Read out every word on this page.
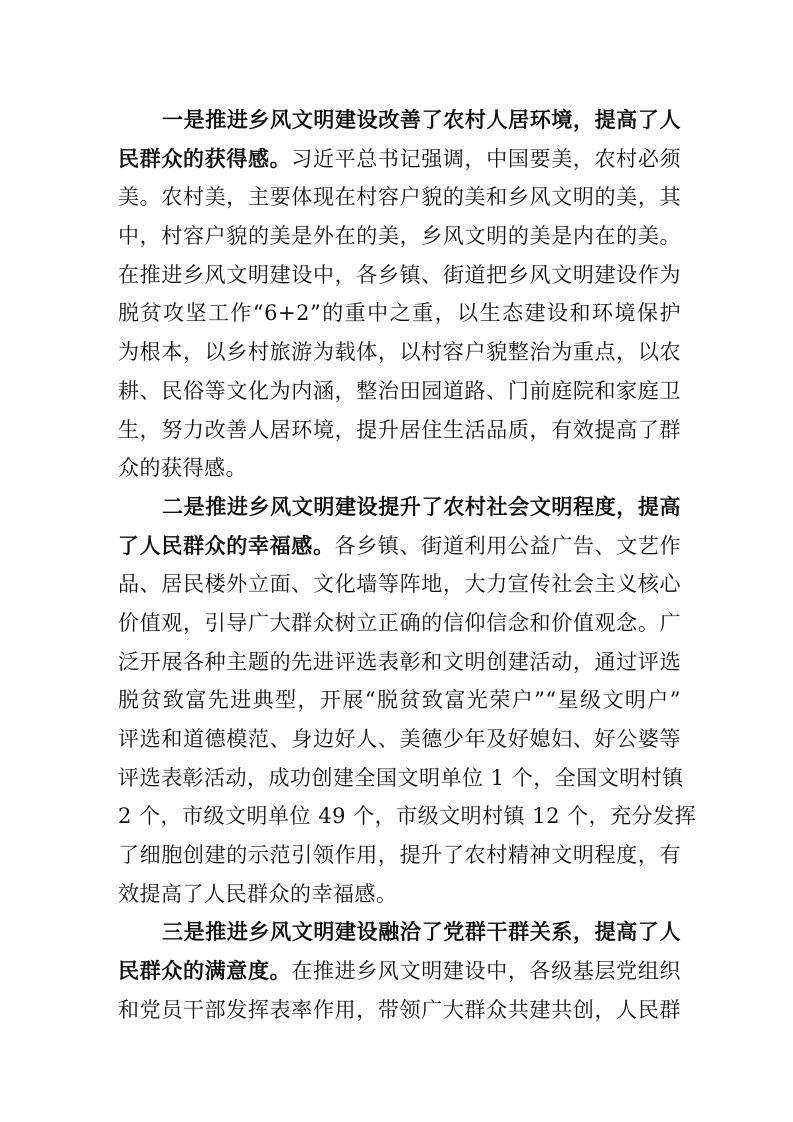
一是推进乡风文明建设改善了农村人居环境，提高了人
民群众的获得感。习近平总书记强调，中国要美，农村必须
美。农村美，主要体现在村容户貌的美和乡风文明的美，其
中，村容户貌的美是外在的美，乡风文明的美是内在的美。
在推进乡风文明建设中，各乡镇、街道把乡风文明建设作为
脱贫攻坚工作“6+2”的重中之重，以生态建设和环境保护
为根本，以乡村旅游为载体，以村容户貌整治为重点，以农
耕、民俗等文化为内涵，整治田园道路、门前庭院和家庭卫
生，努力改善人居环境，提升居住生活品质，有效提高了群
众的获得感。
二是推进乡风文明建设提升了农村社会文明程度，提高
了人民群众的幸福感。各乡镇、街道利用公益广告、文艺作
品、居民楼外立面、文化墙等阵地，大力宣传社会主义核心
价值观，引导广大群众树立正确的信仰信念和价值观念。广
泛开展各种主题的先进评选表彰和文明创建活动，通过评选
脱贫致富先进典型，开展“脱贫致富光荣户”“星级文明户”
评选和道德模范、身边好人、美德少年及好媳妇、好公婆等
评选表彰活动，成功创建全国文明单位 1 个，全国文明村镇
2 个，市级文明单位 49 个，市级文明村镇 12 个，充分发挥
了细胞创建的示范引领作用，提升了农村精神文明程度，有
效提高了人民群众的幸福感。
三是推进乡风文明建设融洽了党群干群关系，提高了人
民群众的满意度。在推进乡风文明建设中，各级基层党组织
和党员干部发挥表率作用，带领广大群众共建共创，人民群
